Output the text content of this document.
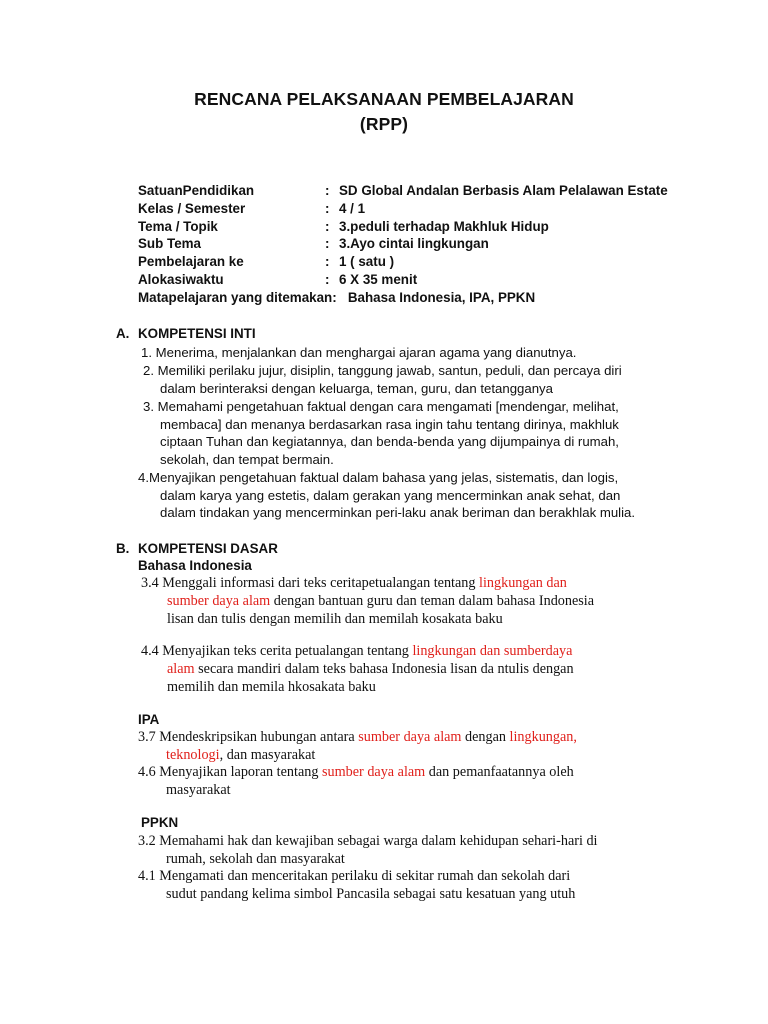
RENCANA PELAKSANAAN PEMBELAJARAN
(RPP)
SatuanPendidikan	: SD Global Andalan Berbasis Alam Pelalawan Estate
Kelas / Semester	: 4 / 1
Tema / Topik	: 3.peduli terhadap Makhluk Hidup
Sub Tema	: 3.Ayo cintai lingkungan
Pembelajaran ke	: 1 ( satu )
Alokasiwaktu	: 6 X 35 menit
Matapelajaran yang ditemakan: Bahasa Indonesia, IPA, PPKN
A. KOMPETENSI INTI
1. Menerima, menjalankan dan menghargai ajaran agama yang dianutnya.
2. Memiliki perilaku jujur, disiplin, tanggung jawab, santun, peduli, dan percaya diri
dalam berinteraksi dengan keluarga, teman, guru, dan tetangganya
3. Memahami pengetahuan faktual dengan cara mengamati [mendengar, melihat,
membaca] dan menanya berdasarkan rasa ingin tahu tentang dirinya, makhluk
ciptaan Tuhan dan kegiatannya, dan benda-benda yang dijumpainya di rumah,
sekolah, dan tempat bermain.
4.Menyajikan pengetahuan faktual dalam bahasa yang jelas, sistematis, dan logis,
dalam karya yang estetis, dalam gerakan yang mencerminkan anak sehat, dan
dalam tindakan yang mencerminkan peri-laku anak beriman dan berakhlak mulia.
B. KOMPETENSI DASAR
Bahasa Indonesia
3.4 Menggali informasi dari teks ceritapetualangan tentang lingkungan dan
sumber daya alam dengan bantuan guru dan teman dalam bahasa Indonesia
lisan dan tulis dengan memilih dan memilah kosakata baku
4.4 Menyajikan teks cerita petualangan tentang lingkungan dan sumberdaya
alam secara mandiri dalam teks bahasa Indonesia lisan da ntulis dengan
memilih dan memila hkosakata baku
IPA
3.7 Mendeskripsikan hubungan antara sumber daya alam dengan lingkungan,
teknologi, dan masyarakat
4.6 Menyajikan laporan tentang sumber daya alam dan pemanfaatannya oleh
masyarakat
PPKN
3.2 Memahami hak dan kewajiban sebagai warga dalam kehidupan sehari-hari di
rumah, sekolah dan masyarakat
4.1 Mengamati dan menceritakan perilaku di sekitar rumah dan sekolah dari
sudut pandang kelima simbol Pancasila sebagai satu kesatuan yang utuh
